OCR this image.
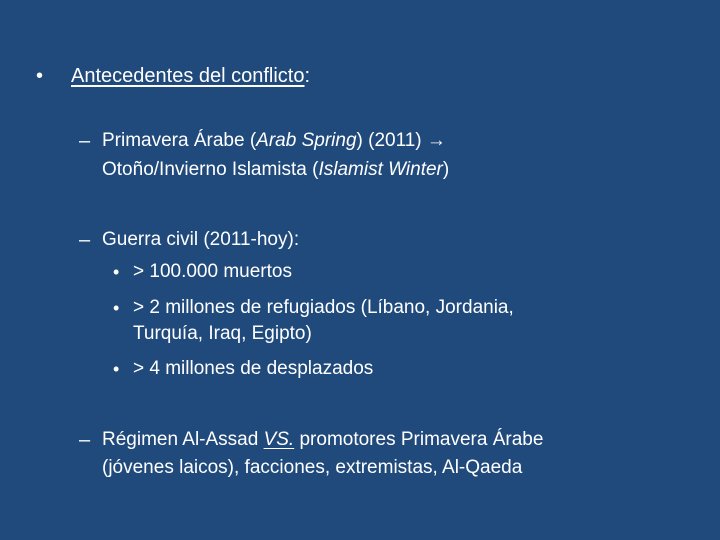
• Antecedentes del conflicto:
– Primavera Árabe (Arab Spring) (2011) →
Otoño/Invierno Islamista (Islamist Winter)
– Guerra civil (2011-hoy):
• > 100.000 muertos
• > 2 millones de refugiados (Líbano, Jordania,
Turquía, Iraq, Egipto)
• > 4 millones de desplazados
– Régimen Al-Assad VS. promotores Primavera Árabe
(jóvenes laicos), facciones, extremistas, Al-Qaeda
